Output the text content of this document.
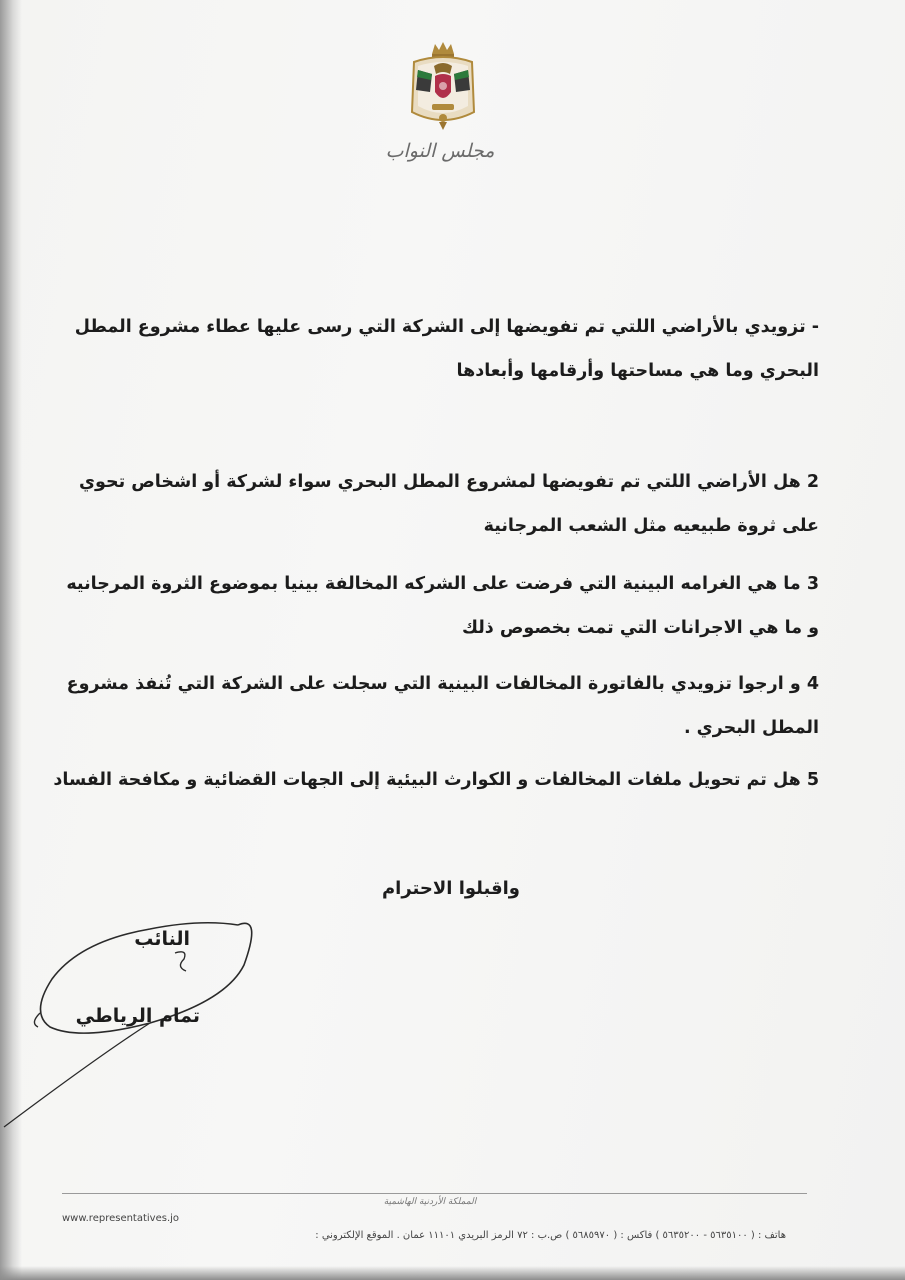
مجلس النواب
- تزويدي بالأراضي اللتي تم تفويضها إلى الشركة التي رسى عليها عطاء مشروع المطل
البحري وما هي مساحتها وأرقامها وأبعادها
2 هل الأراضي اللتي تم تفويضها لمشروع المطل البحري سواء لشركة أو اشخاص تحوي
على ثروة طبيعيه مثل الشعب المرجانية
3 ما هي الغرامه البينية التي فرضت على الشركه المخالفة بينيا بموضوع الثروة المرجانيه
و ما هي الاجرانات التي تمت بخصوص ذلك
4 و ارجوا تزويدي بالفاتورة المخالفات البينية التي سجلت على الشركة التي تُنفذ مشروع
المطل البحري .
5 هل تم تحويل ملفات المخالفات و الكوارث البيئية إلى الجهات القضائية و مكافحة الفساد
واقبلوا الاحترام
النائب
تمام الرياطي
المملكة الأردنية الهاشمية
www.representatives.jo
هاتف : ( ٥٦٣٥١٠٠ - ٥٦٣٥٢٠٠ ) فاكس : ( ٥٦٨٥٩٧٠ ) ص.ب : ٧٢ الرمز البريدي ١١١٠١ عمان . الموقع الإلكتروني :
